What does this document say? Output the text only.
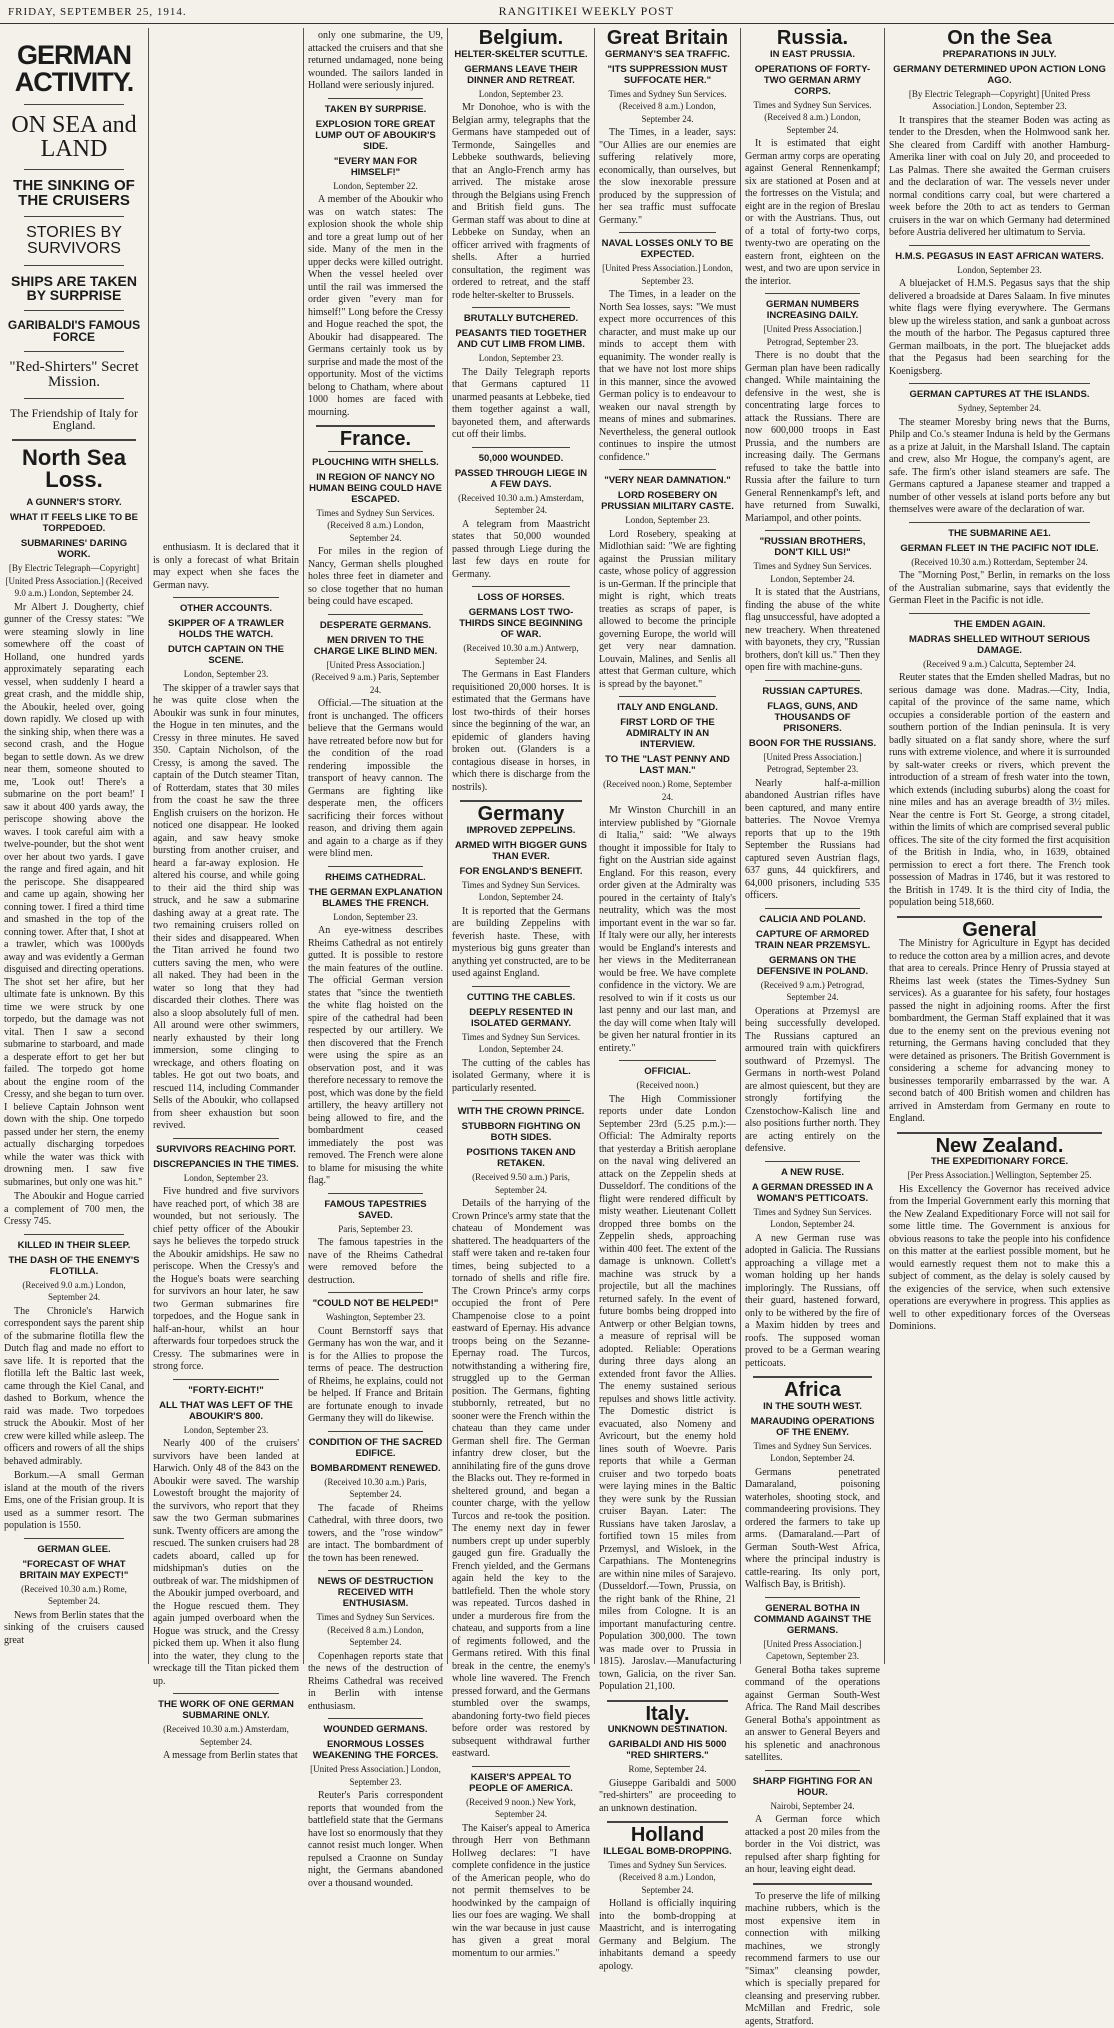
FRIDAY, SEPTEMBER 25, 1914.	RANGITIKEI WEEKLY POST
GERMAN ACTIVITY.
ON SEA and LAND
THE SINKING OF THE CRUISERS
STORIES BY SURVIVORS
SHIPS ARE TAKEN BY SURPRISE
GARIBALDI'S FAMOUS FORCE
"Red-Shirters" Secret Mission.
The Friendship of Italy for England.
North Sea Loss.
A GUNNER'S STORY.
WHAT IT FEELS LIKE TO BE TORPEDOED.
SUBMARINES' DARING WORK.
[By Electric Telegraph—Copyright] [United Press Association.] (Received 9.0 a.m.) London, September 24.

Mr Albert J. Dougherty, chief gunner of the Cressy states: "We were steaming slowly in line somewhere off the coast of Holland, one hundred yards approximately separating each vessel, when suddenly I heard a great crash, and the middle ship, the Aboukir, heeled over, going down rapidly. We closed up with the sinking ship, when there was a second crash, and the Hogue began to settle down. As we drew near them, someone shouted to me, 'Look out! There's a submarine on the port beam!' I saw it about 400 yards away, the periscope showing above the waves. I took careful aim with a twelve-pounder, but the shot went over her about two yards. I gave the range and fired again, and hit the periscope. She disappeared and came up again, showing her conning tower. I fired a third time and smashed in the top of the conning tower. After that, I shot at a trawler, which was 1000yds away and was evidently a German disguised and directing operations. The shot set her afire, but her ultimate fate is unknown. By this time we were struck by one torpedo, but the damage was not vital. Then I saw a second submarine to starboard, and made a desperate effort to get her but failed. The torpedo got home about the engine room of the Cressy, and she began to turn over. I believe Captain Johnson went down with the ship. One torpedo passed under her stern, the enemy actually discharging torpedoes while the water was thick with drowning men. I saw five submarines, but only one was hit."

The Aboukir and Hogue carried a complement of 700 men, the Cressy 745.

KILLED IN THEIR SLEEP.
THE DASH OF THE ENEMY'S FLOTILLA.
(Received 9.0 a.m.) London, September 24.

The Chronicle's Harwich correspondent says the parent ship of the submarine flotilla flew the Dutch flag and made no effort to save life. It is reported that the flotilla left the Baltic last week, came through the Kiel Canal, and dashed to Borkum, whence the raid was made. Two torpedoes struck the Aboukir. Most of her crew were killed while asleep. The officers and rowers of all the ships behaved admirably.

Borkum.—A small German island at the mouth of the rivers Ems, one of the Frisian group. It is used as a summer resort. The population is 1550.

GERMAN GLEE.
"FORECAST OF WHAT BRITAIN MAY EXPECT!"
(Received 10.30 a.m.) Rome, September 24.

News from Berlin states that the sinking of the cruisers caused great

enthusiasm. It is declared that it is only a forecast of what Britain may expect when she faces the German navy.

OTHER ACCOUNTS.
SKIPPER OF A TRAWLER HOLDS THE WATCH.
DUTCH CAPTAIN ON THE SCENE.
London, September 23.

The skipper of a trawler says that he was quite close when the Aboukir was sunk in four minutes, the Hogue in ten minutes, and the Cressy in three minutes. He saved 350. Captain Nicholson, of the Cressy, is among the saved. The captain of the Dutch steamer Titan, of Rotterdam, states that 30 miles from the coast he saw the three English cruisers on the horizon. He noticed one disappear. He looked again, and saw heavy smoke bursting from another cruiser, and heard a far-away explosion. He altered his course, and while going to their aid the third ship was struck, and he saw a submarine dashing away at a great rate. The two remaining cruisers rolled on their sides and disappeared. When the Titan arrived he found two cutters saving the men, who were all naked. They had been in the water so long that they had discarded their clothes. There was also a sloop absolutely full of men. All around were other swimmers, nearly exhausted by their long immersion, some clinging to wreckage, and others floating on tables. He got out two boats, and rescued 114, including Commander Sells of the Aboukir, who collapsed from sheer exhaustion but soon revived.

SURVIVORS REACHING PORT.
DISCREPANCIES IN THE TIMES.
London, September 23.

Five hundred and five survivors have reached port, of which 38 are wounded, but not seriously. The chief petty officer of the Aboukir says he believes the torpedo struck the Aboukir amidships. He saw no periscope. When the Cressy's and the Hogue's boats were searching for survivors an hour later, he saw two German submarines fire torpedoes, and the Hogue sank in half-an-hour, whilst an hour afterwards four torpedoes struck the Cressy. The submarines were in strong force.

"FORTY-EICHT!"
ALL THAT WAS LEFT OF THE ABOUKIR'S 800.
London, September 23.

Nearly 400 of the cruisers' survivors have been landed at Harwich. Only 48 of the 843 on the Aboukir were saved. The warship Lowestoft brought the majority of the survivors, who report that they saw the two German submarines sunk. Twenty officers are among the rescued. The sunken cruisers had 28 cadets aboard, called up for midshipman's duties on the outbreak of war. The midshipmen of the Aboukir jumped overboard, and the Hogue rescued them. They again jumped overboard when the Hogue was struck, and the Cressy picked them up. When it also flung into the water, they clung to the wreckage till the Titan picked them up.

THE WORK OF ONE GERMAN SUBMARINE ONLY.
(Received 10.30 a.m.) Amsterdam, September 24.

A message from Berlin states that

only one submarine, the U9, attacked the cruisers and that she returned undamaged, none being wounded. The sailors landed in Holland were seriously injured.

TAKEN BY SURPRISE.
EXPLOSION TORE GREAT LUMP OUT OF ABOUKIR'S SIDE.
"EVERY MAN FOR HIMSELF!"
London, September 22.

A member of the Aboukir who was on watch states: The explosion shook the whole ship and tore a great lump out of her side. Many of the men in the upper decks were killed outright. When the vessel heeled over until the rail was immersed the order given "every man for himself!" Long before the Cressy and Hogue reached the spot, the Aboukir had disappeared. The Germans certainly took us by surprise and made the most of the opportunity. Most of the victims belong to Chatham, where about 1000 homes are faced with mourning.

France.
PLOUCHING WITH SHELLS.
IN REGION OF NANCY NO HUMAN BEING COULD HAVE ESCAPED.
Times and Sydney Sun Services. (Received 8 a.m.) London, September 24.

For miles in the region of Nancy, German shells ploughed holes three feet in diameter and so close together that no human being could have escaped.

DESPERATE GERMANS.
MEN DRIVEN TO THE CHARGE LIKE BLIND MEN.
[United Press Association.] (Received 9 a.m.) Paris, September 24.

Official.—The situation at the front is unchanged. The officers believe that the Germans would have retreated before now but for the condition of the road rendering impossible the transport of heavy cannon. The Germans are fighting like desperate men, the officers sacrificing their forces without reason, and driving them again and again to a charge as if they were blind men.

RHEIMS CATHEDRAL.
THE GERMAN EXPLANATION BLAMES THE FRENCH.
London, September 23.

An eye-witness describes Rheims Cathedral as not entirely gutted. It is possible to restore the main features of the outline. The official German version states that "since the twentieth the white flag hoisted on the spire of the cathedral had been respected by our artillery. We then discovered that the French were using the spire as an observation post, and it was therefore necessary to remove the post, which was done by the field artillery, the heavy artillery not being allowed to fire, and the bombardment ceased immediately the post was removed. The French were alone to blame for misusing the white flag."

FAMOUS TAPESTRIES SAVED.
Paris, September 23.

The famous tapestries in the nave of the Rheims Cathedral were removed before the destruction.

"COULD NOT BE HELPED!"
Washington, September 23.

Count Bernstorff says that Germany has won the war, and it is for the Allies to propose the terms of peace. The destruction of Rheims, he explains, could not be helped. If France and Britain are fortunate enough to invade Germany they will do likewise.

CONDITION OF THE SACRED EDIFICE.
BOMBARDMENT RENEWED.
(Received 10.30 a.m.) Paris, September 24.

The facade of Rheims Cathedral, with three doors, two towers, and the "rose window" are intact. The bombardment of the town has been renewed.

NEWS OF DESTRUCTION RECEIVED WITH ENTHUSIASM.
Times and Sydney Sun Services. (Received 8 a.m.) London, September 24.

Copenhagen reports state that the news of the destruction of Rheims Cathedral was received in Berlin with intense enthusiasm.

WOUNDED GERMANS.
ENORMOUS LOSSES WEAKENING THE FORCES.
[United Press Association.] London, September 23.

Reuter's Paris correspondent reports that wounded from the battlefield state that the Germans have lost so enormously that they cannot resist much longer. When repulsed a Craonne on Sunday night, the Germans abandoned over a thousand wounded.

Belgium.
HELTER-SKELTER SCUTTLE.
GERMANS LEAVE THEIR DINNER AND RETREAT.
London, September 23.

Mr Donohoe, who is with the Belgian army, telegraphs that the Germans have stampeded out of Termonde, Saingelles and Lebbeke southwards, believing that an Anglo-French army has arrived. The mistake arose through the Belgians using French and British field guns. The German staff was about to dine at Lebbeke on Sunday, when an officer arrived with fragments of shells. After a hurried consultation, the regiment was ordered to retreat, and the staff rode helter-skelter to Brussels.

BRUTALLY BUTCHERED.
PEASANTS TIED TOGETHER AND CUT LIMB FROM LIMB.
London, September 23.

The Daily Telegraph reports that Germans captured 11 unarmed peasants at Lebbeke, tied them together against a wall, bayoneted them, and afterwards cut off their limbs.

50,000 WOUNDED.
PASSED THROUGH LIEGE IN A FEW DAYS.
(Received 10.30 a.m.) Amsterdam, September 24.

A telegram from Maastricht states that 50,000 wounded passed through Liege during the last few days en route for Germany.

LOSS OF HORSES.
GERMANS LOST TWO-THIRDS SINCE BEGINNING OF WAR.
(Received 10.30 a.m.) Antwerp, September 24.

The Germans in East Flanders requisitioned 20,000 horses. It is estimated that the Germans have lost two-thirds of their horses since the beginning of the war, an epidemic of glanders having broken out. (Glanders is a contagious disease in horses, in which there is discharge from the nostrils).

Germany
IMPROVED ZEPPELINS.
ARMED WITH BIGGER GUNS THAN EVER.
FOR ENGLAND'S BENEFIT.
Times and Sydney Sun Services. London, September 24.

It is reported that the Germans are building Zeppelins with feverish haste. These, with mysterious big guns greater than anything yet constructed, are to be used against England.

CUTTING THE CABLES.
DEEPLY RESENTED IN ISOLATED GERMANY.
Times and Sydney Sun Services. London, September 24.

The cutting of the cables has isolated Germany, where it is particularly resented.

WITH THE CROWN PRINCE.
STUBBORN FIGHTING ON BOTH SIDES.
POSITIONS TAKEN AND RETAKEN.
(Received 9.50 a.m.) Paris, September 24.

Details of the harrying of the Crown Prince's army state that the chateau of Mondement was shattered. The headquarters of the staff were taken and re-taken four times, being subjected to a tornado of shells and rifle fire. The Crown Prince's army corps occupied the front of Pere Champenoise close to a point eastward of Epernay. His advance troops being on the Sezanne-Epernay road. The Turcos, notwithstanding a withering fire, struggled up to the German position. The Germans, fighting stubbornly, retreated, but no sooner were the French within the chateau than they came under German shell fire. The German infantry drew closer, but the annihilating fire of the guns drove the Blacks out. They re-formed in sheltered ground, and began a counter charge, with the yellow Turcos and re-took the position. The enemy next day in fewer numbers crept up under superbly gauged gun fire. Gradually the French yielded, and the Germans again held the key to the battlefield. Then the whole story was repeated. Turcos dashed in under a murderous fire from the chateau, and supports from a line of regiments followed, and the Germans retired. With this final break in the centre, the enemy's whole line wavered. The French pressed forward, and the Germans stumbled over the swamps, abandoning forty-two field pieces before order was restored by subsequent withdrawal further eastward.

KAISER'S APPEAL TO PEOPLE OF AMERICA.
(Received 9 noon.) New York, September 24.

The Kaiser's appeal to America through Herr von Bethmann Hollweg declares: "I have complete confidence in the justice of the American people, who do not permit themselves to be hoodwinked by the campaign of lies our foes are waging. We shall win the war because in just cause has given a great moral momentum to our armies."

Great Britain
GERMANY'S SEA TRAFFIC.
"ITS SUPPRESSION MUST SUFFOCATE HER."
Times and Sydney Sun Services. (Received 8 a.m.) London, September 24.

The Times, in a leader, says: "Our Allies are our enemies are suffering relatively more, economically, than ourselves, but the slow inexorable pressure produced by the suppression of her sea traffic must suffocate Germany."

NAVAL LOSSES ONLY TO BE EXPECTED.
[United Press Association.] London, September 23.

The Times, in a leader on the North Sea losses, says: "We must expect more occurrences of this character, and must make up our minds to accept them with equanimity. The wonder really is that we have not lost more ships in this manner, since the avowed German policy is to endeavour to weaken our naval strength by means of mines and submarines. Nevertheless, the general outlook continues to inspire the utmost confidence."

"VERY NEAR DAMNATION."
LORD ROSEBERY ON PRUSSIAN MILITARY CASTE.
London, September 23.

Lord Rosebery, speaking at Midlothian said: "We are fighting against the Prussian military caste, whose policy of aggression is un-German. If the principle that might is right, which treats treaties as scraps of paper, is allowed to become the principle governing Europe, the world will get very near damnation. Louvain, Malines, and Senlis all attest that German culture, which is spread by the bayonet."

ITALY AND ENGLAND.
FIRST LORD OF THE ADMIRALTY IN AN INTERVIEW.
TO THE "LAST PENNY AND LAST MAN."
(Received noon.) Rome, September 24.

Mr Winston Churchill in an interview published by "Giornale di Italia," said: "We always thought it impossible for Italy to fight on the Austrian side against England. For this reason, every order given at the Admiralty was poured in the certainty of Italy's neutrality, which was the most important event in the war so far. If Italy were our ally, her interests would be England's interests and her views in the Mediterranean would be free. We have complete confidence in the victory. We are resolved to win if it costs us our last penny and our last man, and the day will come when Italy will be given her natural frontier in its entirety."

OFFICIAL.
(Received noon.)

The High Commissioner reports under date London September 23rd (5.25 p.m.):—Official: The Admiralty reports that yesterday a British aeroplane on the naval wing delivered an attack on the Zeppelin sheds at Dusseldorf. The conditions of the flight were rendered difficult by misty weather. Lieutenant Collett dropped three bombs on the Zeppelin sheds, approaching within 400 feet. The extent of the damage is unknown. Collett's machine was struck by a projectile, but all the machines returned safely. In the event of future bombs being dropped into Antwerp or other Belgian towns, a measure of reprisal will be adopted. Reliable: Operations during three days along an extended front favor the Allies. The enemy sustained serious repulses and shows little activity. The Domestic district is evacuated, also Nomeny and Avricourt, but the enemy hold lines south of Woevre. Paris reports that while a German cruiser and two torpedo boats were laying mines in the Baltic they were sunk by the Russian cruiser Bayan. Later: The Russians have taken Jaroslav, a fortified town 15 miles from Przemysl, and Wisloek, in the Carpathians. The Montenegrins are within nine miles of Sarajevo. (Dusseldorf.—Town, Prussia, on the right bank of the Rhine, 21 miles from Cologne. It is an important manufacturing centre. Population 300,000. The town was made over to Prussia in 1815). Jaroslav.—Manufacturing town, Galicia, on the river San. Population 21,100.

Italy.
UNKNOWN DESTINATION.
GARIBALDI AND HIS 5000 "RED SHIRTERS."
Rome, September 24.

Giuseppe Garibaldi and 5000 "red-shirters" are proceeding to an unknown destination.

Holland
ILLEGAL BOMB-DROPPING.
Times and Sydney Sun Services. (Received 8 a.m.) London, September 24.

Holland is officially inquiring into the bomb-dropping at Maastricht, and is interrogating Germany and Belgium. The inhabitants demand a speedy apology.

Russia.
IN EAST PRUSSIA.
OPERATIONS OF FORTY-TWO GERMAN ARMY CORPS.
Times and Sydney Sun Services. (Received 8 a.m.) London, September 24.

It is estimated that eight German army corps are operating against General Rennenkampf; six are stationed at Posen and at the fortresses on the Vistula; and eight are in the region of Breslau or with the Austrians. Thus, out of a total of forty-two corps, twenty-two are operating on the eastern front, eighteen on the west, and two are upon service in the interior.

GERMAN NUMBERS INCREASING DAILY.
[United Press Association.] Petrograd, September 23.

There is no doubt that the German plan have been radically changed. While maintaining the defensive in the west, she is concentrating large forces to attack the Russians. There are now 600,000 troops in East Prussia, and the numbers are increasing daily. The Germans refused to take the battle into Russia after the failure to turn General Rennenkampf's left, and have returned from Suwalki, Mariampol, and other points.

"RUSSIAN BROTHERS, DON'T KILL US!"
Times and Sydney Sun Services. London, September 24.

It is stated that the Austrians, finding the abuse of the white flag unsuccessful, have adopted a new treachery. When threatened with bayonets, they cry, "Russian brothers, don't kill us." Then they open fire with machine-guns.

RUSSIAN CAPTURES.
FLAGS, GUNS, AND THOUSANDS OF PRISONERS.
BOON FOR THE RUSSIANS.
[United Press Association.] Petrograd, September 23.

Nearly half-a-million abandoned Austrian rifles have been captured, and many entire batteries. The Novoe Vremya reports that up to the 19th September the Russians had captured seven Austrian flags, 637 guns, 44 quickfirers, and 64,000 prisoners, including 535 officers.

CALICIA AND POLAND.
CAPTURE OF ARMORED TRAIN NEAR PRZEMSYL.
GERMANS ON THE DEFENSIVE IN POLAND.
(Received 9 a.m.) Petrograd, September 24.

Operations at Przemysl are being successfully developed. The Russians captured an armoured train with quickfirers southward of Przemysl. The Germans in north-west Poland are almost quiescent, but they are strongly fortifying the Czenstochow-Kalisch line and also positions further north. They are acting entirely on the defensive.

A NEW RUSE.
A GERMAN DRESSED IN A WOMAN'S PETTICOATS.
Times and Sydney Sun Services. London, September 24.

A new German ruse was adopted in Galicia. The Russians approaching a village met a woman holding up her hands imploringly. The Russians, off their guard, hastened forward, only to be withered by the fire of a Maxim hidden by trees and roofs. The supposed woman proved to be a German wearing petticoats.

Africa
IN THE SOUTH WEST.
MARAUDING OPERATIONS OF THE ENEMY.
Times and Sydney Sun Services. London, September 24.

Germans penetrated Damaraland, poisoning waterholes, shooting stock, and commandeering provisions. They ordered the farmers to take up arms. (Damaraland.—Part of German South-West Africa, where the principal industry is cattle-rearing. Its only port, Walfisch Bay, is British).

GENERAL BOTHA IN COMMAND AGAINST THE GERMANS.
[United Press Association.] Capetown, September 23.

General Botha takes supreme command of the operations against German South-West Africa. The Rand Mail describes General Botha's appointment as an answer to General Beyers and his splenetic and anachronous satellites.

SHARP FIGHTING FOR AN HOUR.
Nairobi, September 24.

A German force which attacked a post 20 miles from the border in the Voi district, was repulsed after sharp fighting for an hour, leaving eight dead.

To preserve the life of milking machine rubbers, which is the most expensive item in connection with milking machines, we strongly recommend farmers to use our "Simax" cleansing powder, which is specially prepared for cleansing and preserving rubber. McMillan and Fredric, sole agents, Stratford.

On the Sea
PREPARATIONS IN JULY.
GERMANY DETERMINED UPON ACTION LONG AGO.
[By Electric Telegraph—Copyright] [United Press Association.] London, September 23.

It transpires that the steamer Boden was acting as tender to the Dresden, when the Holmwood sank her. She cleared from Cardiff with another Hamburg-Amerika liner with coal on July 20, and proceeded to Las Palmas. There she awaited the German cruisers and the declaration of war. The vessels never under normal conditions carry coal, but were chartered a week before the 20th to act as tenders to German cruisers in the war on which Germany had determined before Austria delivered her ultimatum to Servia.

H.M.S. PEGASUS IN EAST AFRICAN WATERS.
London, September 23.

A bluejacket of H.M.S. Pegasus says that the ship delivered a broadside at Dares Salaam. In five minutes white flags were flying everywhere. The Germans blew up the wireless station, and sank a gunboat across the mouth of the harbor. The Pegasus captured three German mailboats, in the port. The bluejacket adds that the Pegasus had been searching for the Koenigsberg.

GERMAN CAPTURES AT THE ISLANDS.
Sydney, September 24.

The steamer Moresby bring news that the Burns, Philp and Co.'s steamer Induna is held by the Germans as a prize at Jaluit, in the Marshall Island. The captain and crew, also Mr Hogue, the company's agent, are safe. The firm's other island steamers are safe. The Germans captured a Japanese steamer and trapped a number of other vessels at island ports before any but themselves were aware of the declaration of war.

THE SUBMARINE AE1.
GERMAN FLEET IN THE PACIFIC NOT IDLE.
(Received 10.30 a.m.) Rotterdam, September 24.

The "Morning Post," Berlin, in remarks on the loss of the Australian submarine, says that evidently the German Fleet in the Pacific is not idle.

THE EMDEN AGAIN.
MADRAS SHELLED WITHOUT SERIOUS DAMAGE.
(Received 9 a.m.) Calcutta, September 24.

Reuter states that the Emden shelled Madras, but no serious damage was done. Madras.—City, India, capital of the province of the same name, which occupies a considerable portion of the eastern and southern portion of the Indian peninsula. It is very badly situated on a flat sandy shore, where the surf runs with extreme violence, and where it is surrounded by salt-water creeks or rivers, which prevent the introduction of a stream of fresh water into the town, which extends (including suburbs) along the coast for nine miles and has an average breadth of 3½ miles. Near the centre is Fort St. George, a strong citadel, within the limits of which are comprised several public offices. The site of the city formed the first acquisition of the British in India, who, in 1639, obtained permission to erect a fort there. The French took possession of Madras in 1746, but it was restored to the British in 1749. It is the third city of India, the population being 518,660.

General

The Ministry for Agriculture in Egypt has decided to reduce the cotton area by a million acres, and devote that area to cereals. Prince Henry of Prussia stayed at Rheims last week (states the Times-Sydney Sun services). As a guarantee for his safety, four hostages passed the night in adjoining rooms. After the first bombardment, the German Staff explained that it was due to the enemy sent on the previous evening not returning, the Germans having concluded that they were detained as prisoners. The British Government is considering a scheme for advancing money to businesses temporarily embarrassed by the war. A second batch of 400 British women and children has arrived in Amsterdam from Germany en route to England.

New Zealand.
THE EXPEDITIONARY FORCE.
[Per Press Association.] Wellington, September 25.

His Excellency the Governor has received advice from the Imperial Government early this morning that the New Zealand Expeditionary Force will not sail for some little time. The Government is anxious for obvious reasons to take the people into his confidence on this matter at the earliest possible moment, but he would earnestly request them not to make this a subject of comment, as the delay is solely caused by the exigencies of the service, when such extensive operations are everywhere in progress. This applies as well to other expeditionary forces of the Overseas Dominions.
